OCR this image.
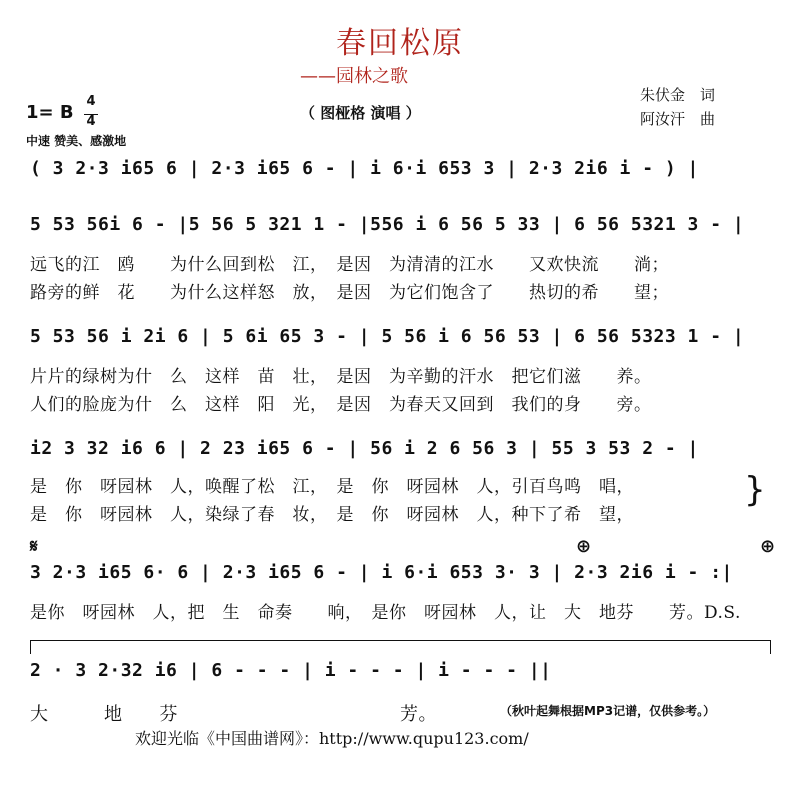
春回松原
——园林之歌
朱伏金　词
阿汝汗　曲
（ 图桠格 演唱 ）
1= B
4
4
中速 赞美、感激地
( 3 2·3 i65 6 | 2·3 i65 6 - | i 6·i 653 3 | 2·3 2i6 i - ) |
5 53 56i 6 - |5 56 5 321 1 - |556 i 6 56 5 33 | 6 56 5321 3 - |
远飞的江　鸥　　为什么回到松　江，　是因　为清清的江水　　又欢快流　　淌；
路旁的鲜　花　　为什么这样怒　放，　是因　为它们饱含了　　热切的希　　望；
5 53 56 i 2i 6 | 5 6i 65 3 - | 5 56 i 6 56 53 | 6 56 5323 1 - |
片片的绿树为什　么　这样　苗　壮，　是因　为辛勤的汗水　把它们滋　　养。
人们的脸庞为什　么　这样　阳　光，　是因　为春天又回到　我们的身　　旁。
i2 3 32 i6 6 | 2 23 i65 6 - | 56 i 2 6 56 3 | 55 3 53 2 - |
是　你　呀园林　人，唤醒了松　江，　是　你　呀园林　人，引百鸟鸣　唱，
是　你　呀园林　人，染绿了春　妆，　是　你　呀园林　人，种下了希　望，
}
𝄋	⊕	⊕
3 2·3 i65 6· 6 | 2·3 i65 6 - | i 6·i 653 3· 3 | 2·3 2i6 i - :|
是你　呀园林　人，把　生　命奏　　响，　是你　呀园林　人，让　大　地芬　　芳。D.S.
2 · 3 2·32 i6 | 6 - - - | i - - - | i - - - ||
大　　　地　　芬　　　　　　　　　　　　芳。	（秋叶起舞根据MP3记谱，仅供参考。）
欢迎光临《中国曲谱网》：http://www.qupu123.com/
